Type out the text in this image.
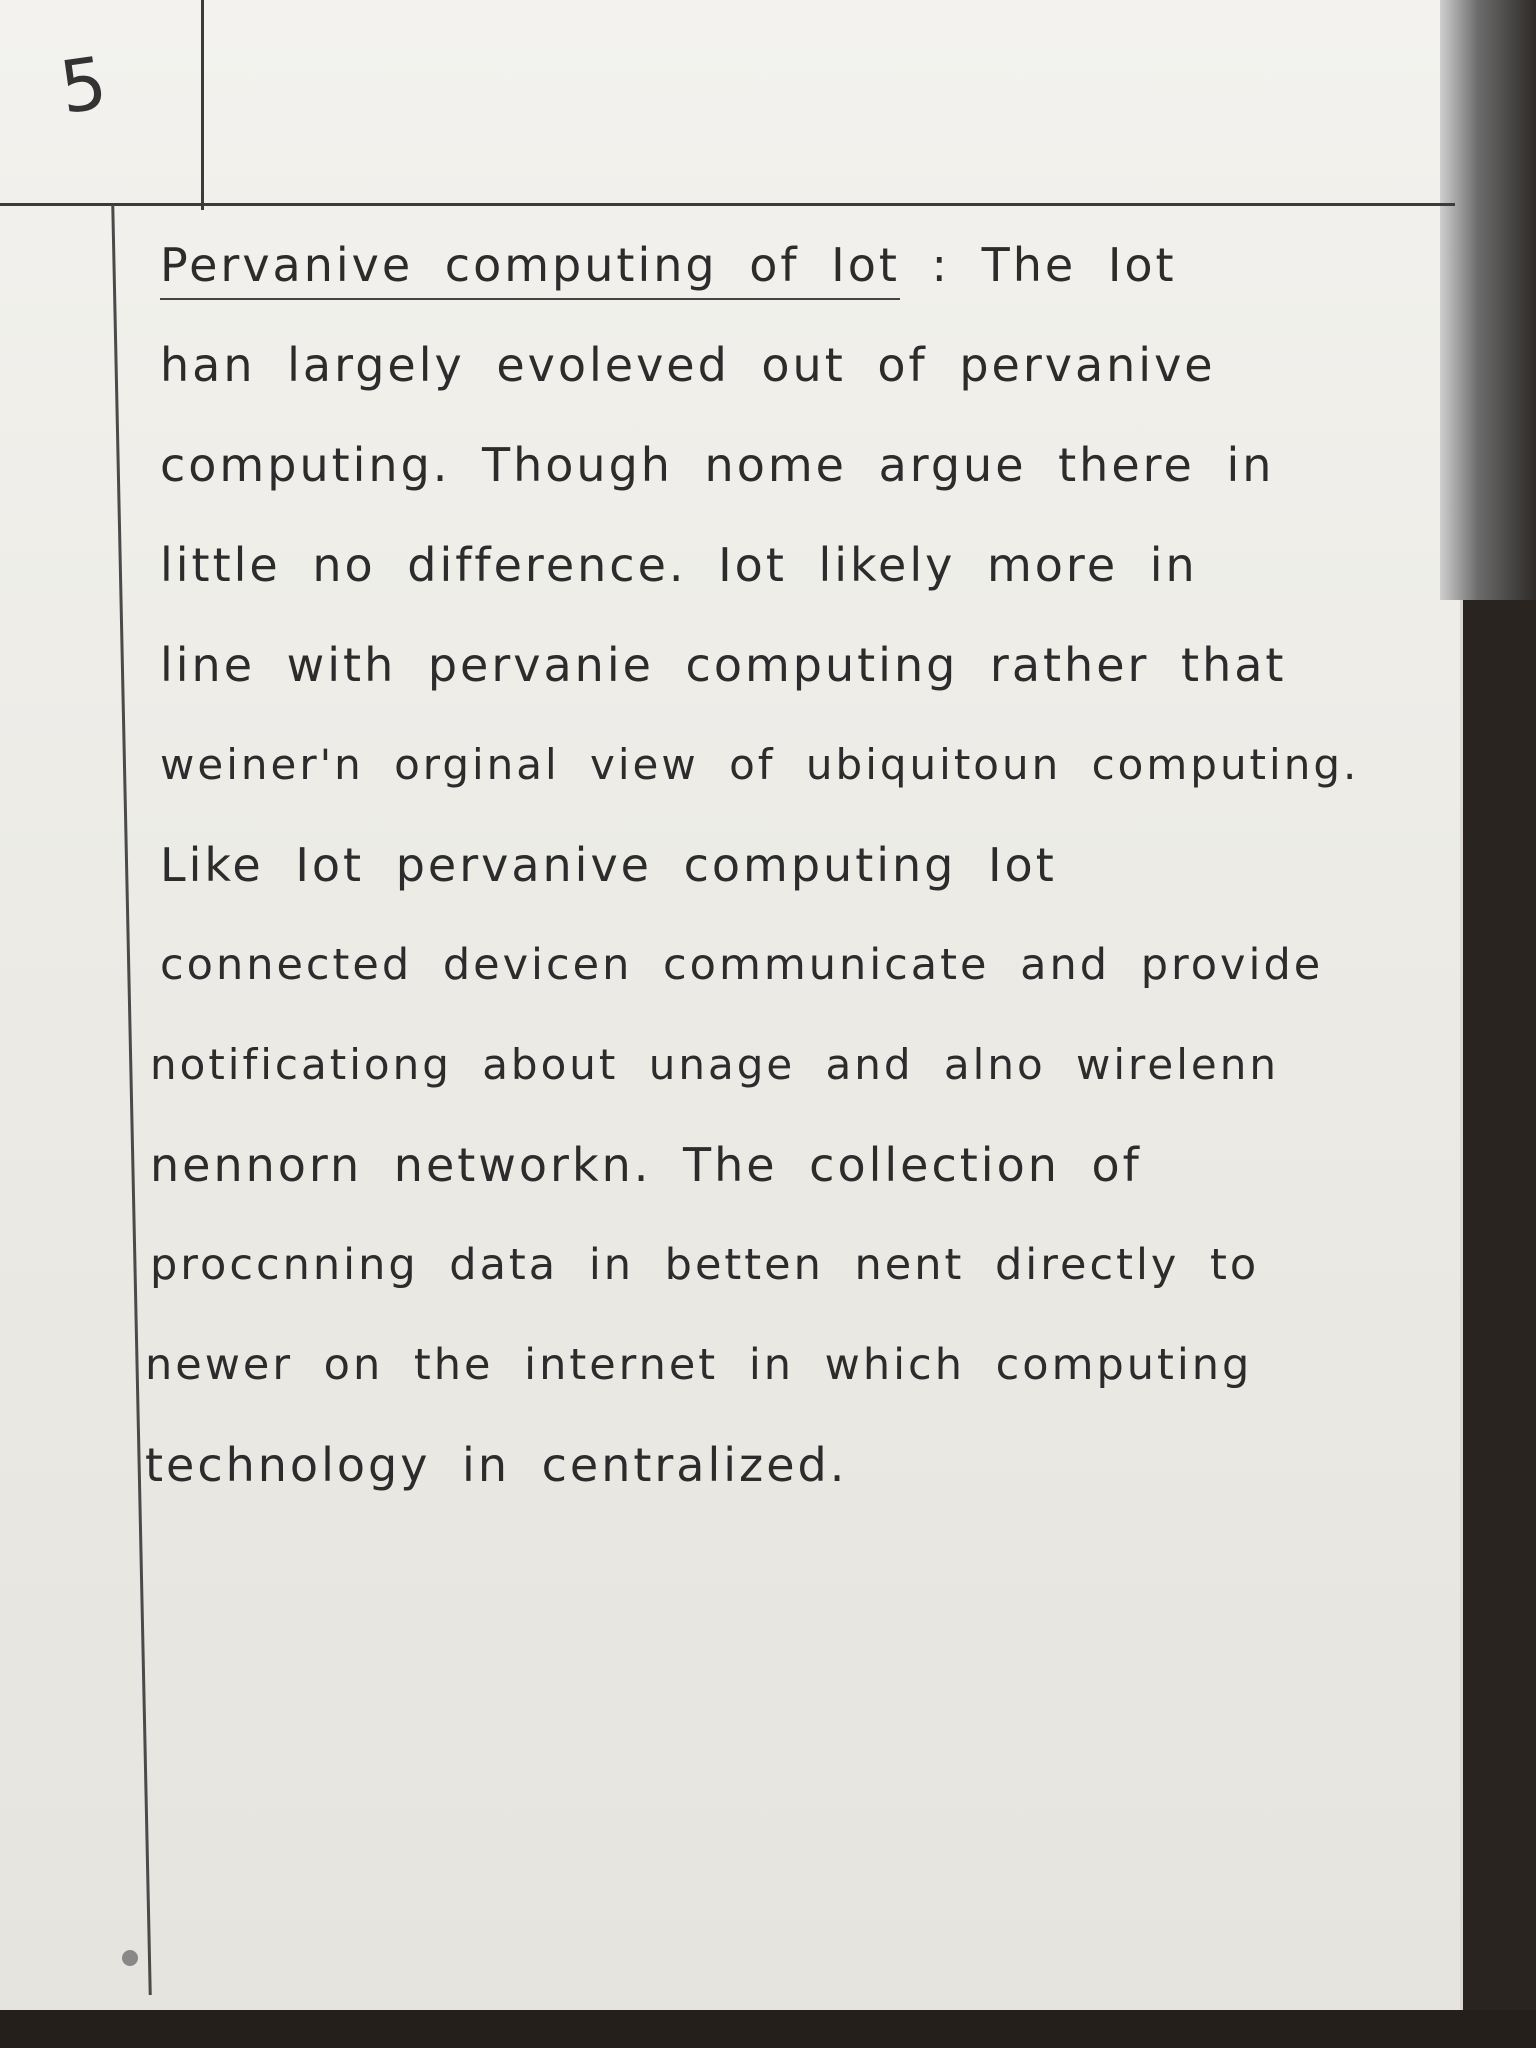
5
Pervanive computing of Iot : The Iot
han largely evoleved out of pervanive
computing. Though nome argue there in
little no difference. Iot likely more in
line with pervanie computing rather that
weiner'n orginal view of ubiquitoun computing.
Like Iot pervanive computing Iot
connected devicen communicate and provide
notificationg about unage and alno wirelenn
nennorn networkn. The collection of
proccnning data in betten nent directly to
newer on the internet in which computing
technology in centralized.
